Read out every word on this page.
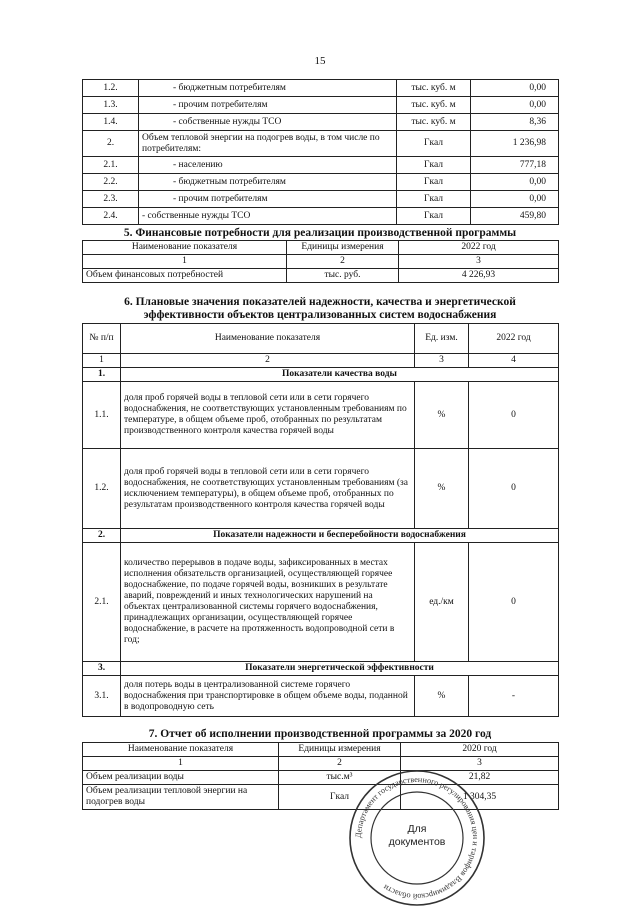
15
1.2.	- бюджетным потребителям	тыс. куб. м	0,00
1.3.	- прочим потребителям	тыс. куб. м	0,00
1.4.	- собственные нужды ТСО	тыс. куб. м	8,36
2.	Объем тепловой энергии на подогрев воды, в том числе по потребителям:	Гкал	1 236,98
2.1.	- населению	Гкал	777,18
2.2.	- бюджетным потребителям	Гкал	0,00
2.3.	- прочим потребителям	Гкал	0,00
2.4.	- собственные нужды ТСО	Гкал	459,80
5. Финансовые потребности для реализации производственной программы
Наименование показателя	Единицы измерения	2022 год
1	2	3
Объем финансовых потребностей	тыс. руб.	4 226,93
6. Плановые значения показателей надежности, качества и энергетической
эффективности объектов централизованных систем водоснабжения
№ п/п	Наименование показателя	Ед. изм.	2022 год
1	2	3	4
1.	Показатели качества воды		
1.1.	доля проб горячей воды в тепловой сети или в сети горячего водоснабжения, не соответствующих установленным требованиям по температуре, в общем объеме проб, отобранных по результатам производственного контроля качества горячей воды	%	0
1.2.	доля проб горячей воды в тепловой сети или в сети горячего водоснабжения, не соответствующих установленным требованиям (за исключением температуры), в общем объеме проб, отобранных по результатам производственного контроля качества горячей воды	%	0
2.	Показатели надежности и бесперебойности водоснабжения		
2.1.	количество перерывов в подаче воды, зафиксированных в местах исполнения обязательств организацией, осуществляющей горячее водоснабжение, по подаче горячей воды, возникших в результате аварий, повреждений и иных технологических нарушений на объектах централизованной системы горячего водоснабжения, принадлежащих организации, осуществляющей горячее водоснабжение, в расчете на протяженность водопроводной сети в год;	ед./км	0
3.	Показатели энергетической эффективности		
3.1.	доля потерь воды в централизованной системе горячего водоснабжения при транспортировке в общем объеме воды, поданной в водопроводную сеть	%	-
7. Отчет об исполнении производственной программы за 2020 год
Наименование показателя	Единицы измерения	2020 год
1	2	3
Объем реализации воды	тыс.м³	21,82
Объем реализации тепловой энергии на подогрев воды	Гкал	1 304,35
Департамент государственного регулирования цен и тарифов Владимирской области
Для
документов
